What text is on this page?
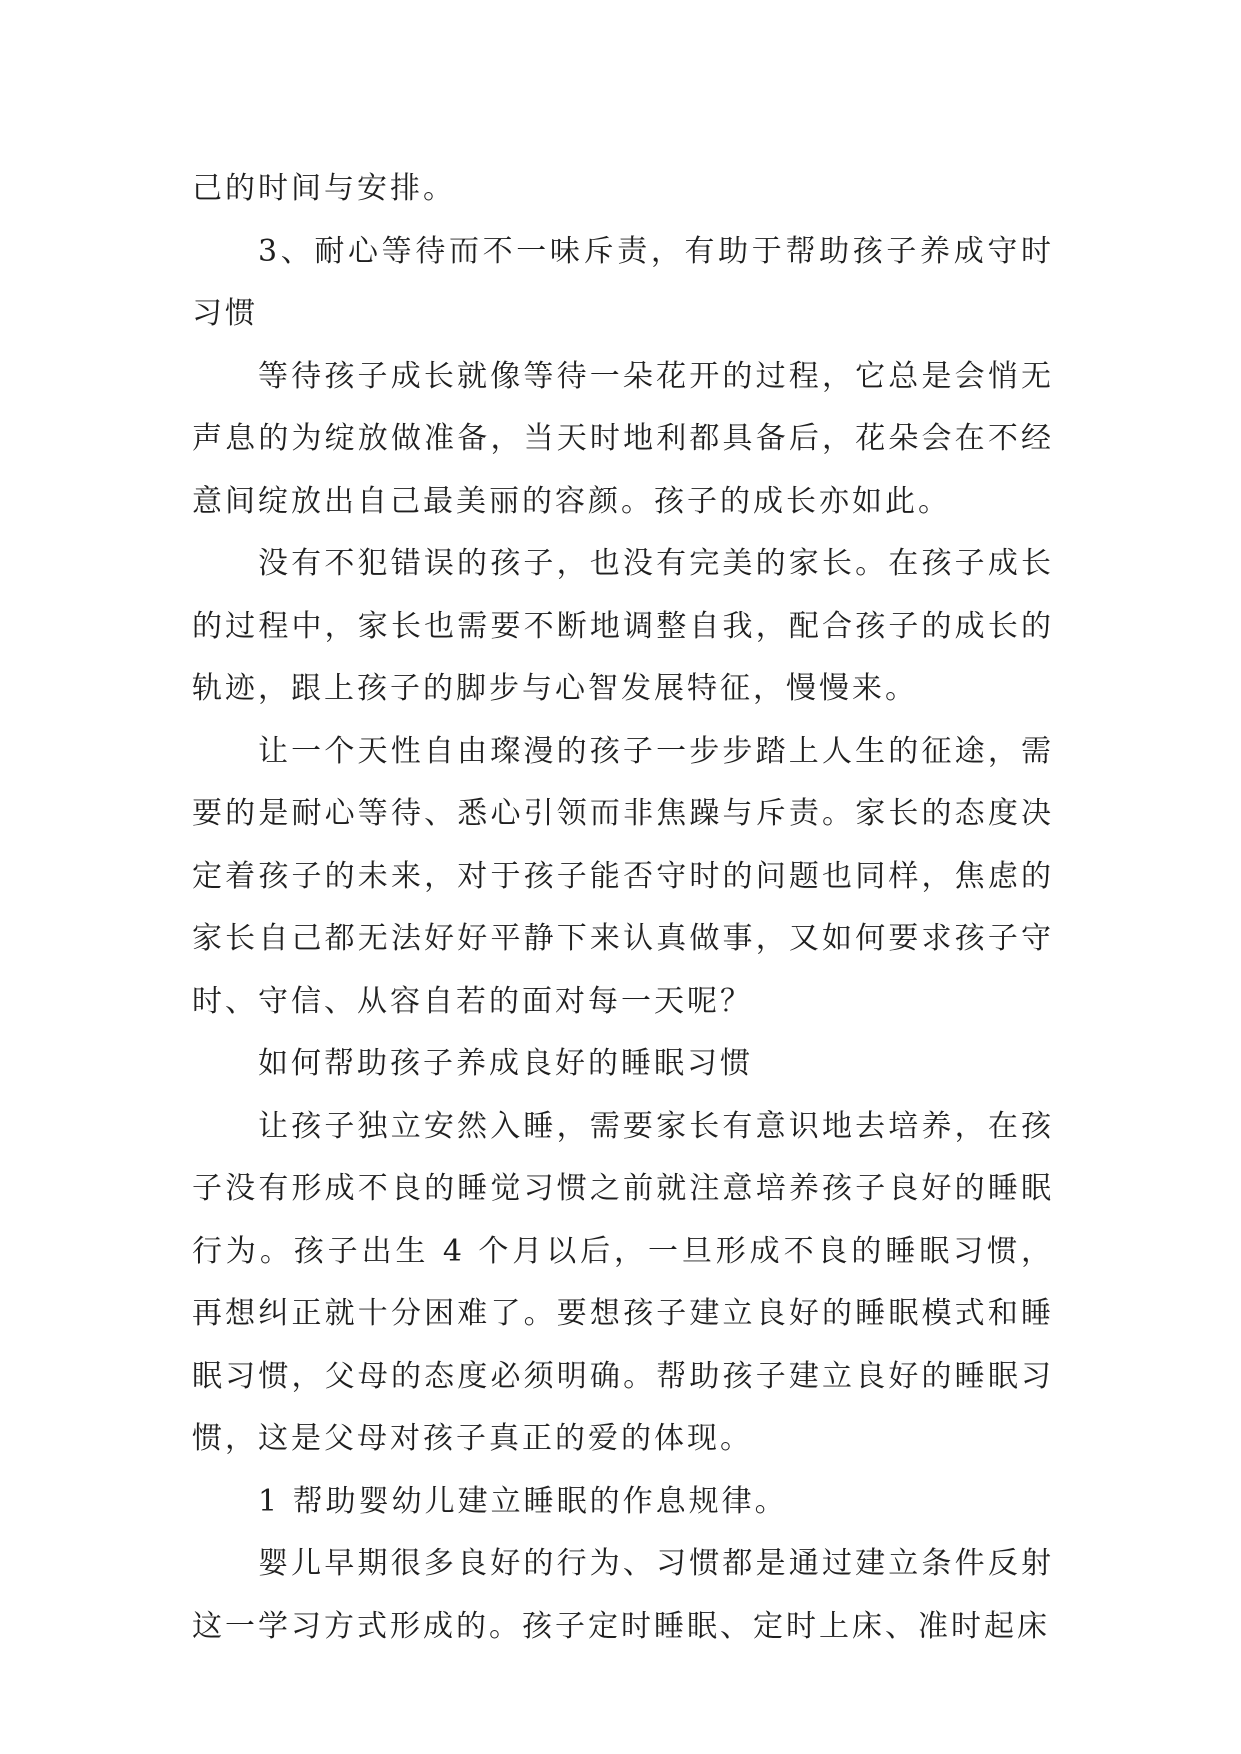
己的时间与安排。

3、耐心等待而不一味斥责，有助于帮助孩子养成守时习惯

等待孩子成长就像等待一朵花开的过程，它总是会悄无声息的为绽放做准备，当天时地利都具备后，花朵会在不经意间绽放出自己最美丽的容颜。孩子的成长亦如此。

没有不犯错误的孩子，也没有完美的家长。在孩子成长的过程中，家长也需要不断地调整自我，配合孩子的成长的轨迹，跟上孩子的脚步与心智发展特征，慢慢来。

让一个天性自由璨漫的孩子一步步踏上人生的征途，需要的是耐心等待、悉心引领而非焦躁与斥责。家长的态度决定着孩子的未来，对于孩子能否守时的问题也同样，焦虑的家长自己都无法好好平静下来认真做事，又如何要求孩子守时、守信、从容自若的面对每一天呢？

如何帮助孩子养成良好的睡眠习惯

让孩子独立安然入睡，需要家长有意识地去培养，在孩子没有形成不良的睡觉习惯之前就注意培养孩子良好的睡眠行为。孩子出生 4 个月以后，一旦形成不良的睡眠习惯，再想纠正就十分困难了。要想孩子建立良好的睡眠模式和睡眠习惯，父母的态度必须明确。帮助孩子建立良好的睡眠习惯，这是父母对孩子真正的爱的体现。

1 帮助婴幼儿建立睡眠的作息规律。

婴儿早期很多良好的行为、习惯都是通过建立条件反射这一学习方式形成的。孩子定时睡眠、定时上床、准时起床
